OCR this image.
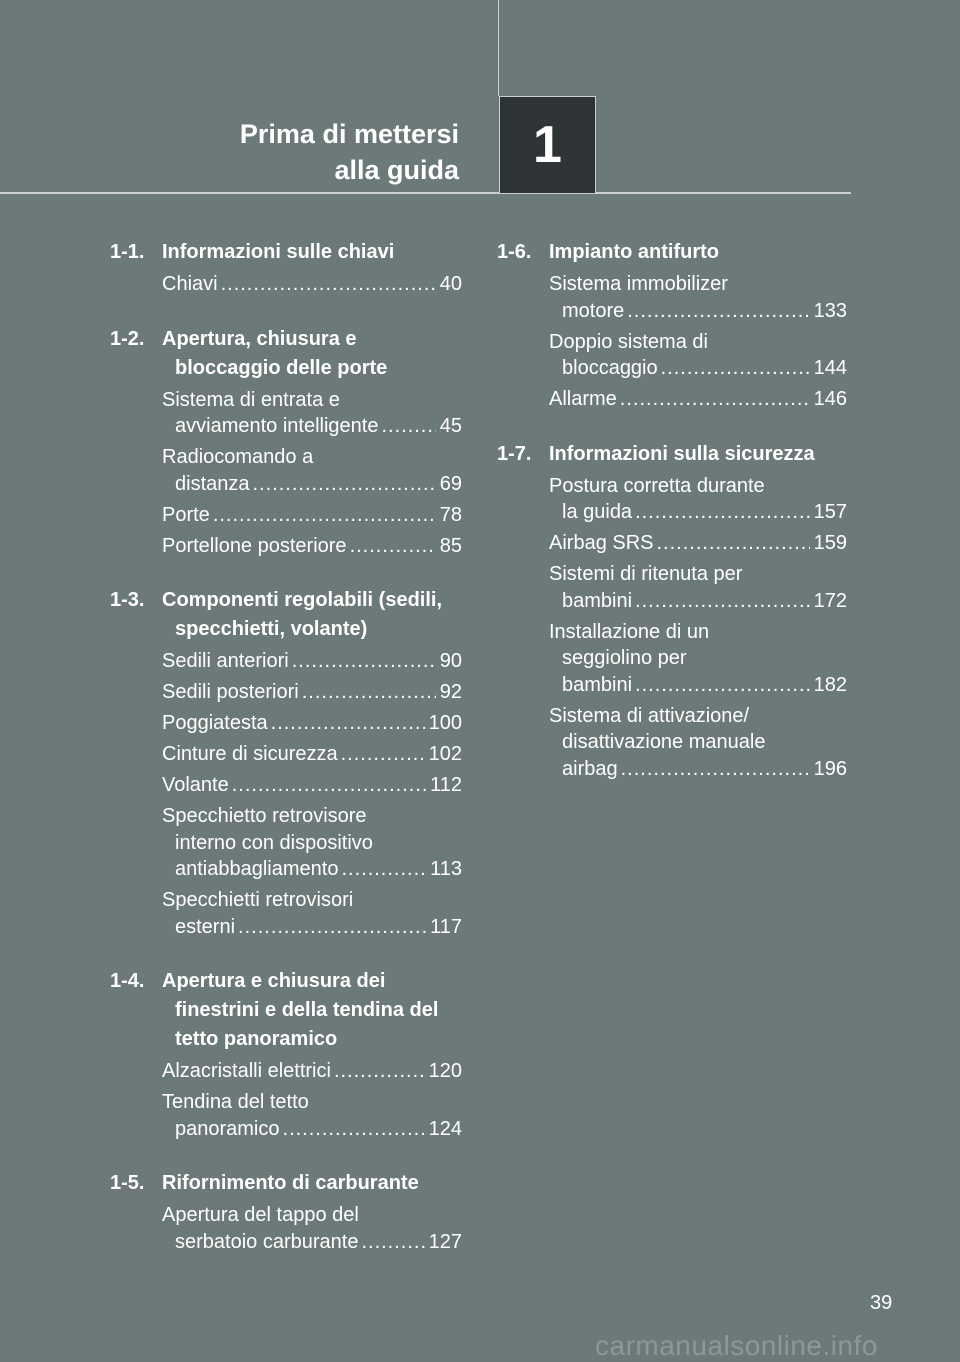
Prima di mettersi
alla guida 1
1-1. Informazioni sulle chiavi
Chiavi .....	40
1-2. Apertura, chiusura e bloccaggio delle porte
Sistema di entrata e
avviamento intelligente .....	45
Radiocomando a
distanza .....	69
Porte .....	78
Portellone posteriore .....	85
1-3. Componenti regolabili (sedili, specchietti, volante)
Sedili anteriori .....	90
Sedili posteriori .....	92
Poggiatesta .....	100
Cinture di sicurezza .....	102
Volante .....	112
Specchietto retrovisore
interno con dispositivo
antiabbagliamento .....	113
Specchietti retrovisori
esterni .....	117
1-4. Apertura e chiusura dei finestrini e della tendina del tetto panoramico
Alzacristalli elettrici .....	120
Tendina del tetto
panoramico .....	124
1-5. Rifornimento di carburante
Apertura del tappo del
serbatoio carburante .....	127
1-6. Impianto antifurto
Sistema immobilizer
motore .....	133
Doppio sistema di
bloccaggio .....	144
Allarme .....	146
1-7. Informazioni sulla sicurezza
Postura corretta durante
la guida .....	157
Airbag SRS .....	159
Sistemi di ritenuta per
bambini .....	172
Installazione di un
seggiolino per
bambini .....	182
Sistema di attivazione/
disattivazione manuale
airbag .....	196
39
carmanualsonline.info
